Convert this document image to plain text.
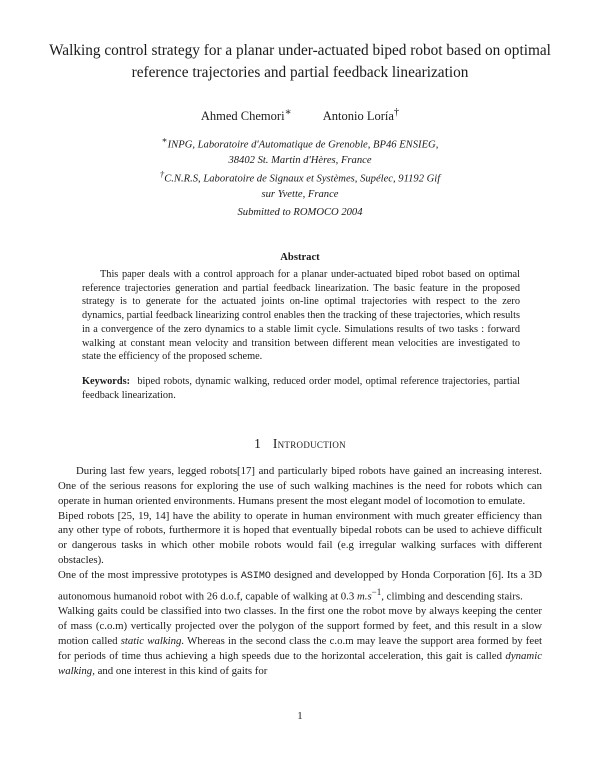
Walking control strategy for a planar under-actuated biped robot based on optimal reference trajectories and partial feedback linearization
Ahmed Chemori∗ Antonio Loría†
∗INPG, Laboratoire d'Automatique de Grenoble, BP46 ENSIEG,
38402 St. Martin d'Hères, France
†C.N.R.S, Laboratoire de Signaux et Systèmes, Supélec, 91192 Gif
sur Yvette, France
Submitted to ROMOCO 2004
Abstract

This paper deals with a control approach for a planar under-actuated biped robot based on optimal reference trajectories generation and partial feedback linearization. The basic feature in the proposed strategy is to generate for the actuated joints on-line optimal trajectories with respect to the zero dynamics, partial feedback linearizing control enables then the tracking of these trajectories, which results in a convergence of the zero dynamics to a stable limit cycle. Simulations results of two tasks : forward walking at constant mean velocity and transition between different mean velocities are investigated to state the efficiency of the proposed scheme.

Keywords: biped robots, dynamic walking, reduced order model, optimal reference trajectories, partial feedback linearization.

1 Introduction

During last few years, legged robots[17] and particularly biped robots have gained an increasing interest. One of the serious reasons for exploring the use of such walking machines is the need for robots which can operate in human oriented environments. Humans present the most elegant model of locomotion to emulate.

Biped robots [25, 19, 14] have the ability to operate in human environment with much greater efficiency than any other type of robots, furthermore it is hoped that eventually bipedal robots can be used to achieve difficult or dangerous tasks in which other mobile robots would fail (e.g irregular walking surfaces with different obstacles).

One of the most impressive prototypes is ASIMO designed and developped by Honda Corporation [6]. Its a 3D autonomous humanoid robot with 26 d.o.f, capable of walking at 0.3 $m.s^{-1}$, climbing and descending stairs.

Walking gaits could be classified into two classes. In the first one the robot move by always keeping the center of mass (c.o.m) vertically projected over the polygon of the support formed by feet, and this result in a slow motion called static walking. Whereas in the second class the c.o.m may leave the support area formed by feet for periods of time thus achieving a high speeds due to the horizontal acceleration, this gait is called dynamic walking, and one interest in this kind of gaits for

1
